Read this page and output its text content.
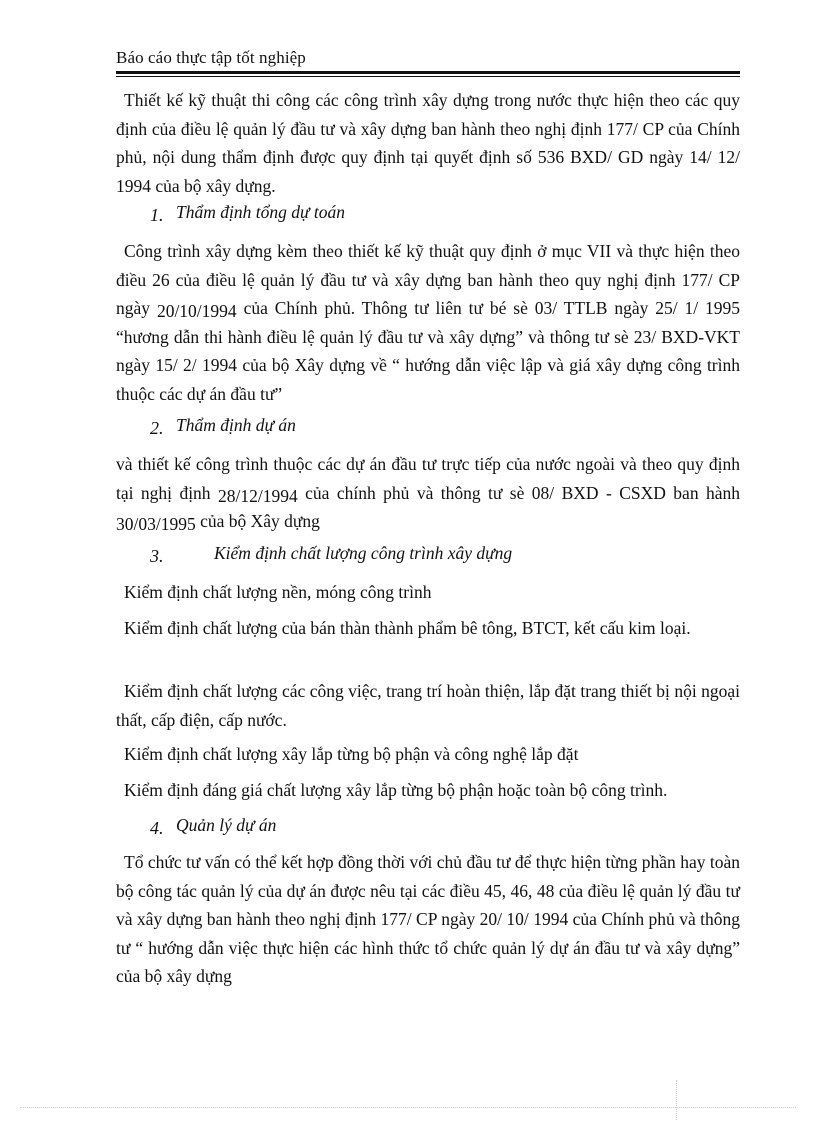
Báo cáo thực tập tốt nghiệp
Thiết kế kỹ thuật thi công các công trình xây dựng trong nước thực hiện theo các quy định của điều lệ quản lý đầu tư và xây dựng ban hành theo nghị định 177/ CP của Chính phủ, nội dung thẩm định được quy định tại quyết định số 536 BXD/ GD ngày 14/ 12/ 1994 của bộ xây dựng.
1. Thẩm định tổng dự toán
Công trình xây dựng kèm theo thiết kế kỹ thuật quy định ở mục VII và thực hiện theo điều 26 của điều lệ quản lý đầu tư và xây dựng ban hành theo quy nghị định 177/ CP ngày 20/10/1994 của Chính phủ. Thông tư liên tư bé sè 03/ TTLB ngày 25/ 1/ 1995 “hương dẫn thi hành điều lệ quản lý đầu tư và xây dựng” và thông tư sè 23/ BXD-VKT ngày 15/ 2/ 1994 của bộ Xây dựng về “ hướng dẫn việc lập và giá xây dựng công trình thuộc các dự án đầu tư”
2. Thẩm định dự án
và thiết kế công trình thuộc các dự án đầu tư trực tiếp của nước ngoài và theo quy định tại nghị định 28/12/1994 của chính phủ và thông tư sè 08/ BXD - CSXD ban hành 30/03/1995 của bộ Xây dựng
3.	Kiểm định chất lượng công trình xây dựng
Kiểm định chất lượng nền, móng công trình
Kiểm định chất lượng của bán thàn thành phẩm bê tông, BTCT, kết cấu kim loại.
Kiểm định chất lượng các công việc, trang trí hoàn thiện, lắp đặt trang thiết bị nội ngoại thất, cấp điện, cấp nước.
Kiểm định chất lượng xây lắp từng bộ phận và công nghệ lắp đặt
Kiểm định đáng giá chất lượng xây lắp từng bộ phận hoặc toàn bộ công trình.
4. Quản lý dự án
Tổ chức tư vấn có thể kết hợp đồng thời với chủ đầu tư để thực hiện từng phần hay toàn bộ công tác quản lý của dự án được nêu tại các điều 45, 46, 48 của điều lệ quản lý đầu tư và xây dựng ban hành theo nghị định 177/ CP ngày 20/ 10/ 1994 của Chính phủ và thông tư “ hướng dẫn việc thực hiện các hình thức tổ chức quản lý dự án đầu tư và xây dựng” của bộ xây dựng
